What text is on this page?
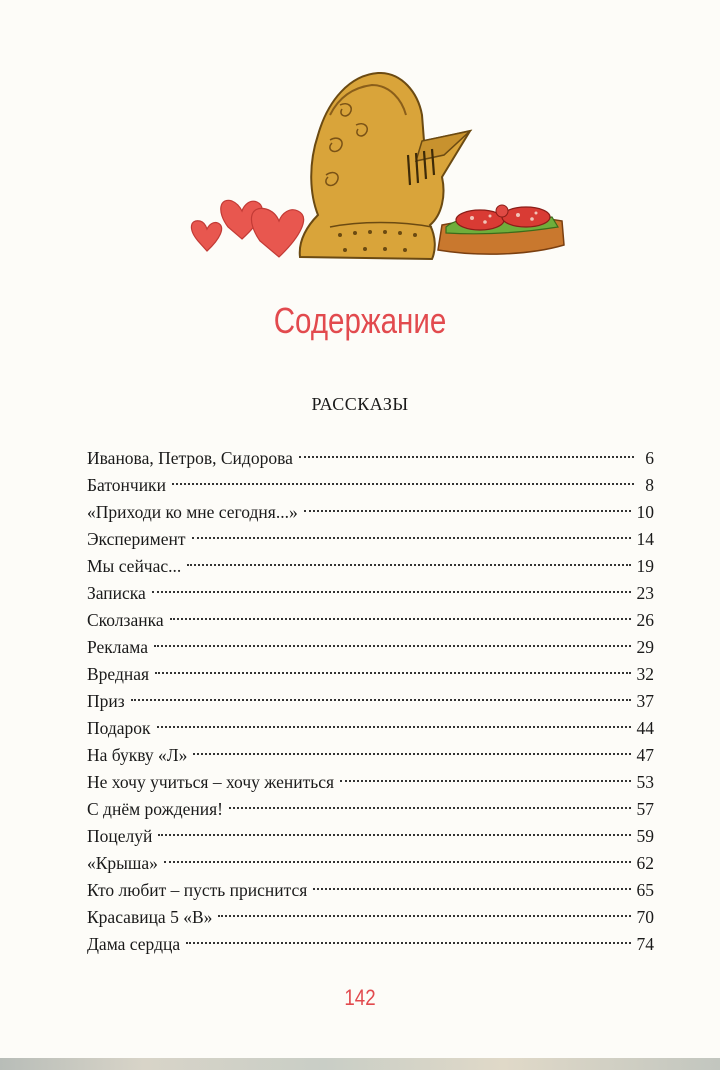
Содержание
РАССКАЗЫ
Иванова, Петров, Сидорова	6
Батончики	8
«Приходи ко мне сегодня...»	10
Эксперимент	14
Мы сейчас...	19
Записка	23
Сколзанка	26
Реклама	29
Вредная	32
Приз	37
Подарок	44
На букву «Л»	47
Не хочу учиться – хочу жениться	53
С днём рождения!	57
Поцелуй	59
«Крыша»	62
Кто любит – пусть приснится	65
Красавица 5 «В»	70
Дама сердца	74
142
